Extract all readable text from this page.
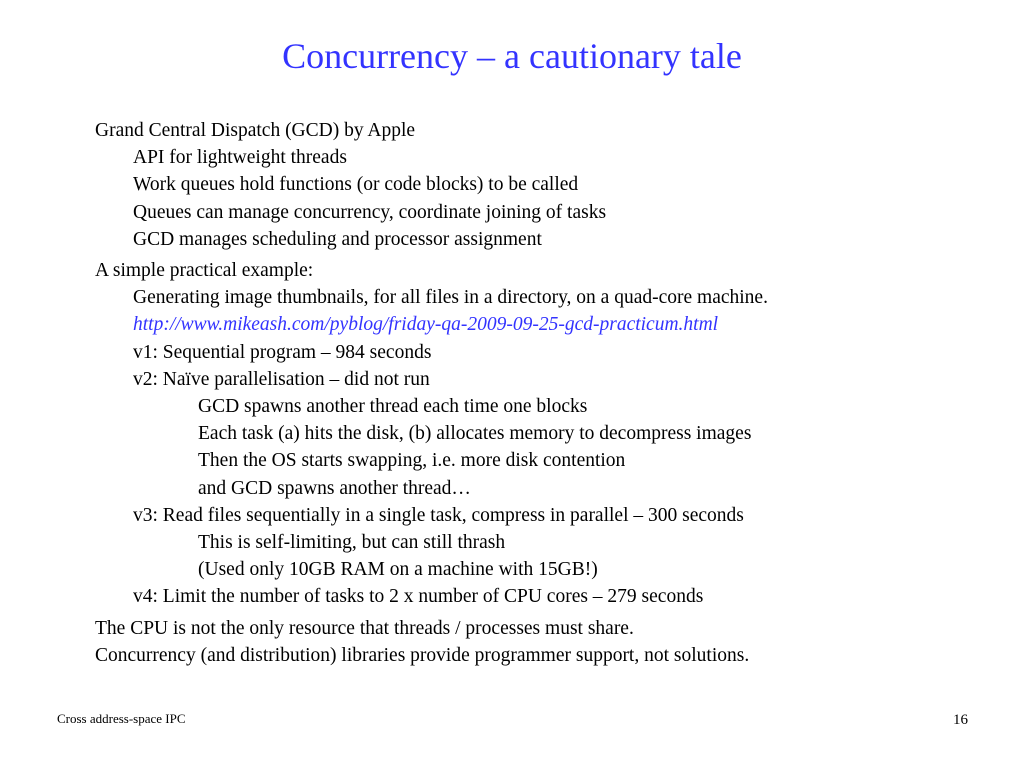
Concurrency – a cautionary tale
Grand Central Dispatch (GCD) by Apple
API for lightweight threads
Work queues hold functions (or code blocks) to be called
Queues can manage concurrency, coordinate joining of tasks
GCD manages scheduling and processor assignment
A simple practical example:
Generating image thumbnails, for all files in a directory, on a quad-core machine.
http://www.mikeash.com/pyblog/friday-qa-2009-09-25-gcd-practicum.html
v1: Sequential program – 984 seconds
v2: Naïve parallelisation – did not run
GCD spawns another thread each time one blocks
Each task (a) hits the disk, (b) allocates memory to decompress images
Then the OS starts swapping, i.e. more disk contention
and GCD spawns another thread…
v3: Read files sequentially in a single task, compress in parallel – 300 seconds
This is self-limiting, but can still thrash
(Used only 10GB RAM on a machine with 15GB!)
v4: Limit the number of tasks to 2 x number of CPU cores – 279 seconds
The CPU is not the only resource that threads / processes must share.
Concurrency (and distribution) libraries provide programmer support, not solutions.
Cross address-space IPC	16
